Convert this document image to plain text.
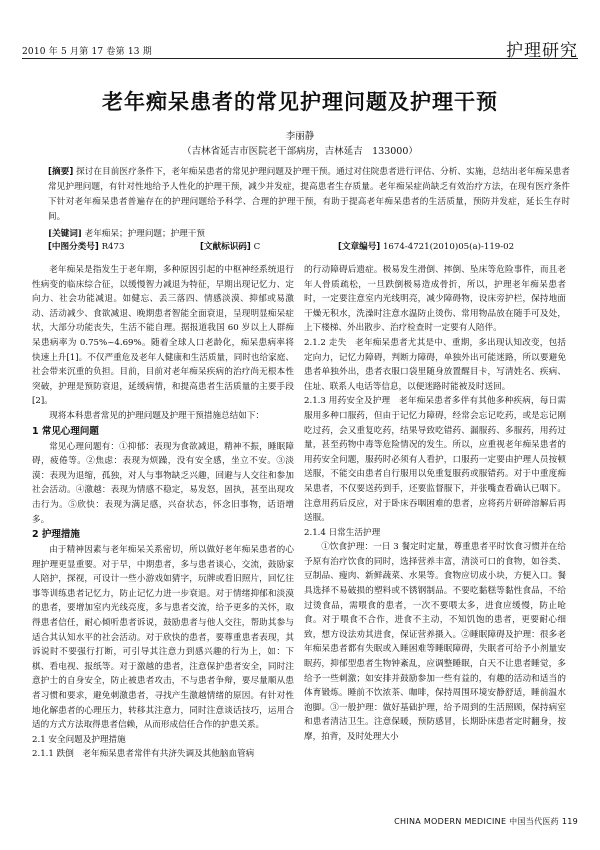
2010 年 5 月第 17 卷第 13 期	护理研究
老年痴呆患者的常见护理问题及护理干预
李丽静
（吉林省延吉市医院老干部病房，吉林延吉　133000）
[摘要] 探讨在目前医疗条件下，老年痴呆患者的常见护理问题及护理干预。通过对住院患者进行评估、分析、实施，总结出老年痴呆患者常见护理问题，有针对性地给予人性化的护理干预，减少并发症，提高患者生存质量。老年痴呆症尚缺乏有效治疗方法，在现有医疗条件下针对老年痴呆患者普遍存在的护理问题给予科学、合理的护理干预，有助于提高老年痴呆患者的生活质量，预防并发症，延长生存时间。
[关键词] 老年痴呆；护理问题；护理干预
[中图分类号] R473	[文献标识码] C	[文章编号] 1674-4721(2010)05(a)-119-02

老年痴呆是指发生于老年期，多种原因引起的中枢神经系统退行性病变的临床综合征，以缓慢智力减退为特征，早期出现记忆力、定向力、社会功能减退。如健忘、丢三落四、情感淡漠、抑郁或易激动、活动减少、食欲减退、晚期患者智能全面衰退，呈现明显痴呆症状，大部分功能丧失，生活不能自理。据报道我国 60 岁以上人群痴呆患病率为 0.75%~4.69%。随着全球人口老龄化，痴呆患病率将快速上升[1]。不仅严重危及老年人健康和生活质量，同时也给家庭、社会带来沉重的负担。目前，目前对老年痴呆疾病的治疗尚无根本性突破，护理是预防衰退，延缓病情，和提高患者生活质量的主要手段[2]。

现将本科患者常见的护理问题及护理干预措施总结如下：

1 常见心理问题

常见心理问题有：①抑郁：表现为食欲减退，精神不振，睡眠障碍，疲倦等。②焦虑：表现为烦躁，没有安全感，坐立不安。③淡漠：表现为退缩，孤独，对人与事物缺乏兴趣，回避与人交往和参加社会活动。④激越：表现为情感不稳定，易发怒，固执，甚至出现攻击行为。⑤欣快：表现为满足感，兴奋状态，怀念旧事物，话语增多。

2 护理措施

由于精神因素与老年痴呆关系密切，所以做好老年痴呆患者的心理护理更显重要。对于早，中期患者，多与患者谈心，交流，鼓励家人陪护，探视，可设计一些小游戏如猜字，玩牌或看旧照片，回忆往事等训练患者记忆力，防止记忆力进一步衰退。对于情绪抑郁和淡漠的患者，要增加室内光线亮度，多与患者交流，给予更多的关怀，取得患者信任，耐心倾听患者诉说，鼓励患者与他人交往，帮助其参与适合其认知水平的社会活动。对于欣快的患者，要尊重患者表现，其诉说时不要强行打断，可引导其注意力到感兴趣的行为上，如：下棋、看电视、报纸等。对于激越的患者，注意保护患者安全，同时注意护士的自身安全，防止被患者攻击，不与患者争辩，要尽量顺从患者习惯和要求，避免刺激患者，寻找产生激越情绪的原因。有针对性地化解患者的心理压力，转移其注意力，同时注意谈话技巧，运用合适的方式方法取得患者信赖，从而形成信任合作的护患关系。

2.1 安全问题及护理措施

2.1.1 跌倒　老年痴呆患者常伴有共济失调及其他脑血管病

的行动障碍后遗症。极易发生滑倒、摔倒、坠床等危险事件，而且老年人骨质疏松，一旦跌倒极易造成骨折，所以，护理老年痴呆患者时，一定要注意室内光线明亮，减少障碍物，设床旁护栏，保持地面干燥无积水，洗澡时注意水温防止烫伤、常用物品放在随手可及处，上下楼梯、外出散步、治疗检查时一定要有人陪伴。

2.1.2 走失　老年痴呆患者尤其是中、重期，多出现认知改变，包括定向力，记忆力障碍，判断力障碍，单独外出可能迷路，所以要避免患者单独外出，患者衣服口袋里随身放置醒目卡，写清姓名、疾病、住址、联系人电话等信息，以便迷路时能被及时送回。

2.1.3 用药安全及护理　老年痴呆患者多伴有其他多种疾病，每日需服用多种口服药，但由于记忆力障碍，经常会忘记吃药，或是忘记刚吃过药，会又重复吃药，结果导致吃错药、漏服药、多服药，用药过量，甚至药物中毒等危险情况的发生。所以，应重视老年痴呆患者的用药安全问题，服药时必须有人看护，口服药一定要由护理人员按顿送服，不能交由患者自行服用以免重复服药或服错药。对于中重度痴呆患者，不仅要送药到手，还要监督服下，并张嘴查看确认已咽下。注意用药后反应，对于卧床吞咽困难的患者，应将药片研碎溶解后再送服。

2.1.4 日常生活护理

①饮食护理：一日 3 餐定时定量，尊重患者平时饮食习惯并在给予原有治疗饮食的同时，选择营养丰富，清淡可口的食物，如谷类、豆制品、瘦肉、新鲜蔬菜、水果等。食物应切成小块，方便入口。餐具选择不易破损的塑料或不锈钢制品。不要吃黏糕等黏性食品，不给过烫食品，需喂食的患者，一次不要喂太多，进食应缓慢，防止呛食。对于喂食不合作，进食不主动，不知饥饱的患者，更要耐心细致，想方设法劝其进食，保证营养摄入。②睡眠障碍及护理：很多老年痴呆患者都有失眠或入睡困难等睡眠障碍，失眠者可给予小剂量安眠药，抑郁型患者生物钟紊乱，应调整睡眠，白天不让患者睡觉，多给予一些刺激；如安排并鼓励参加一些有益的，有趣的活动和适当的体育锻炼。睡前不饮浓茶、咖啡，保持周围环境安静舒适，睡前温水泡脚。③一般护理：做好基础护理，给予周到的生活照顾，保持病室和患者清洁卫生。注意保暖，预防感冒，长期卧床患者定时翻身，按摩，拍背，及时处理大小

CHINA MODERN MEDICINE 中国当代医药 119
